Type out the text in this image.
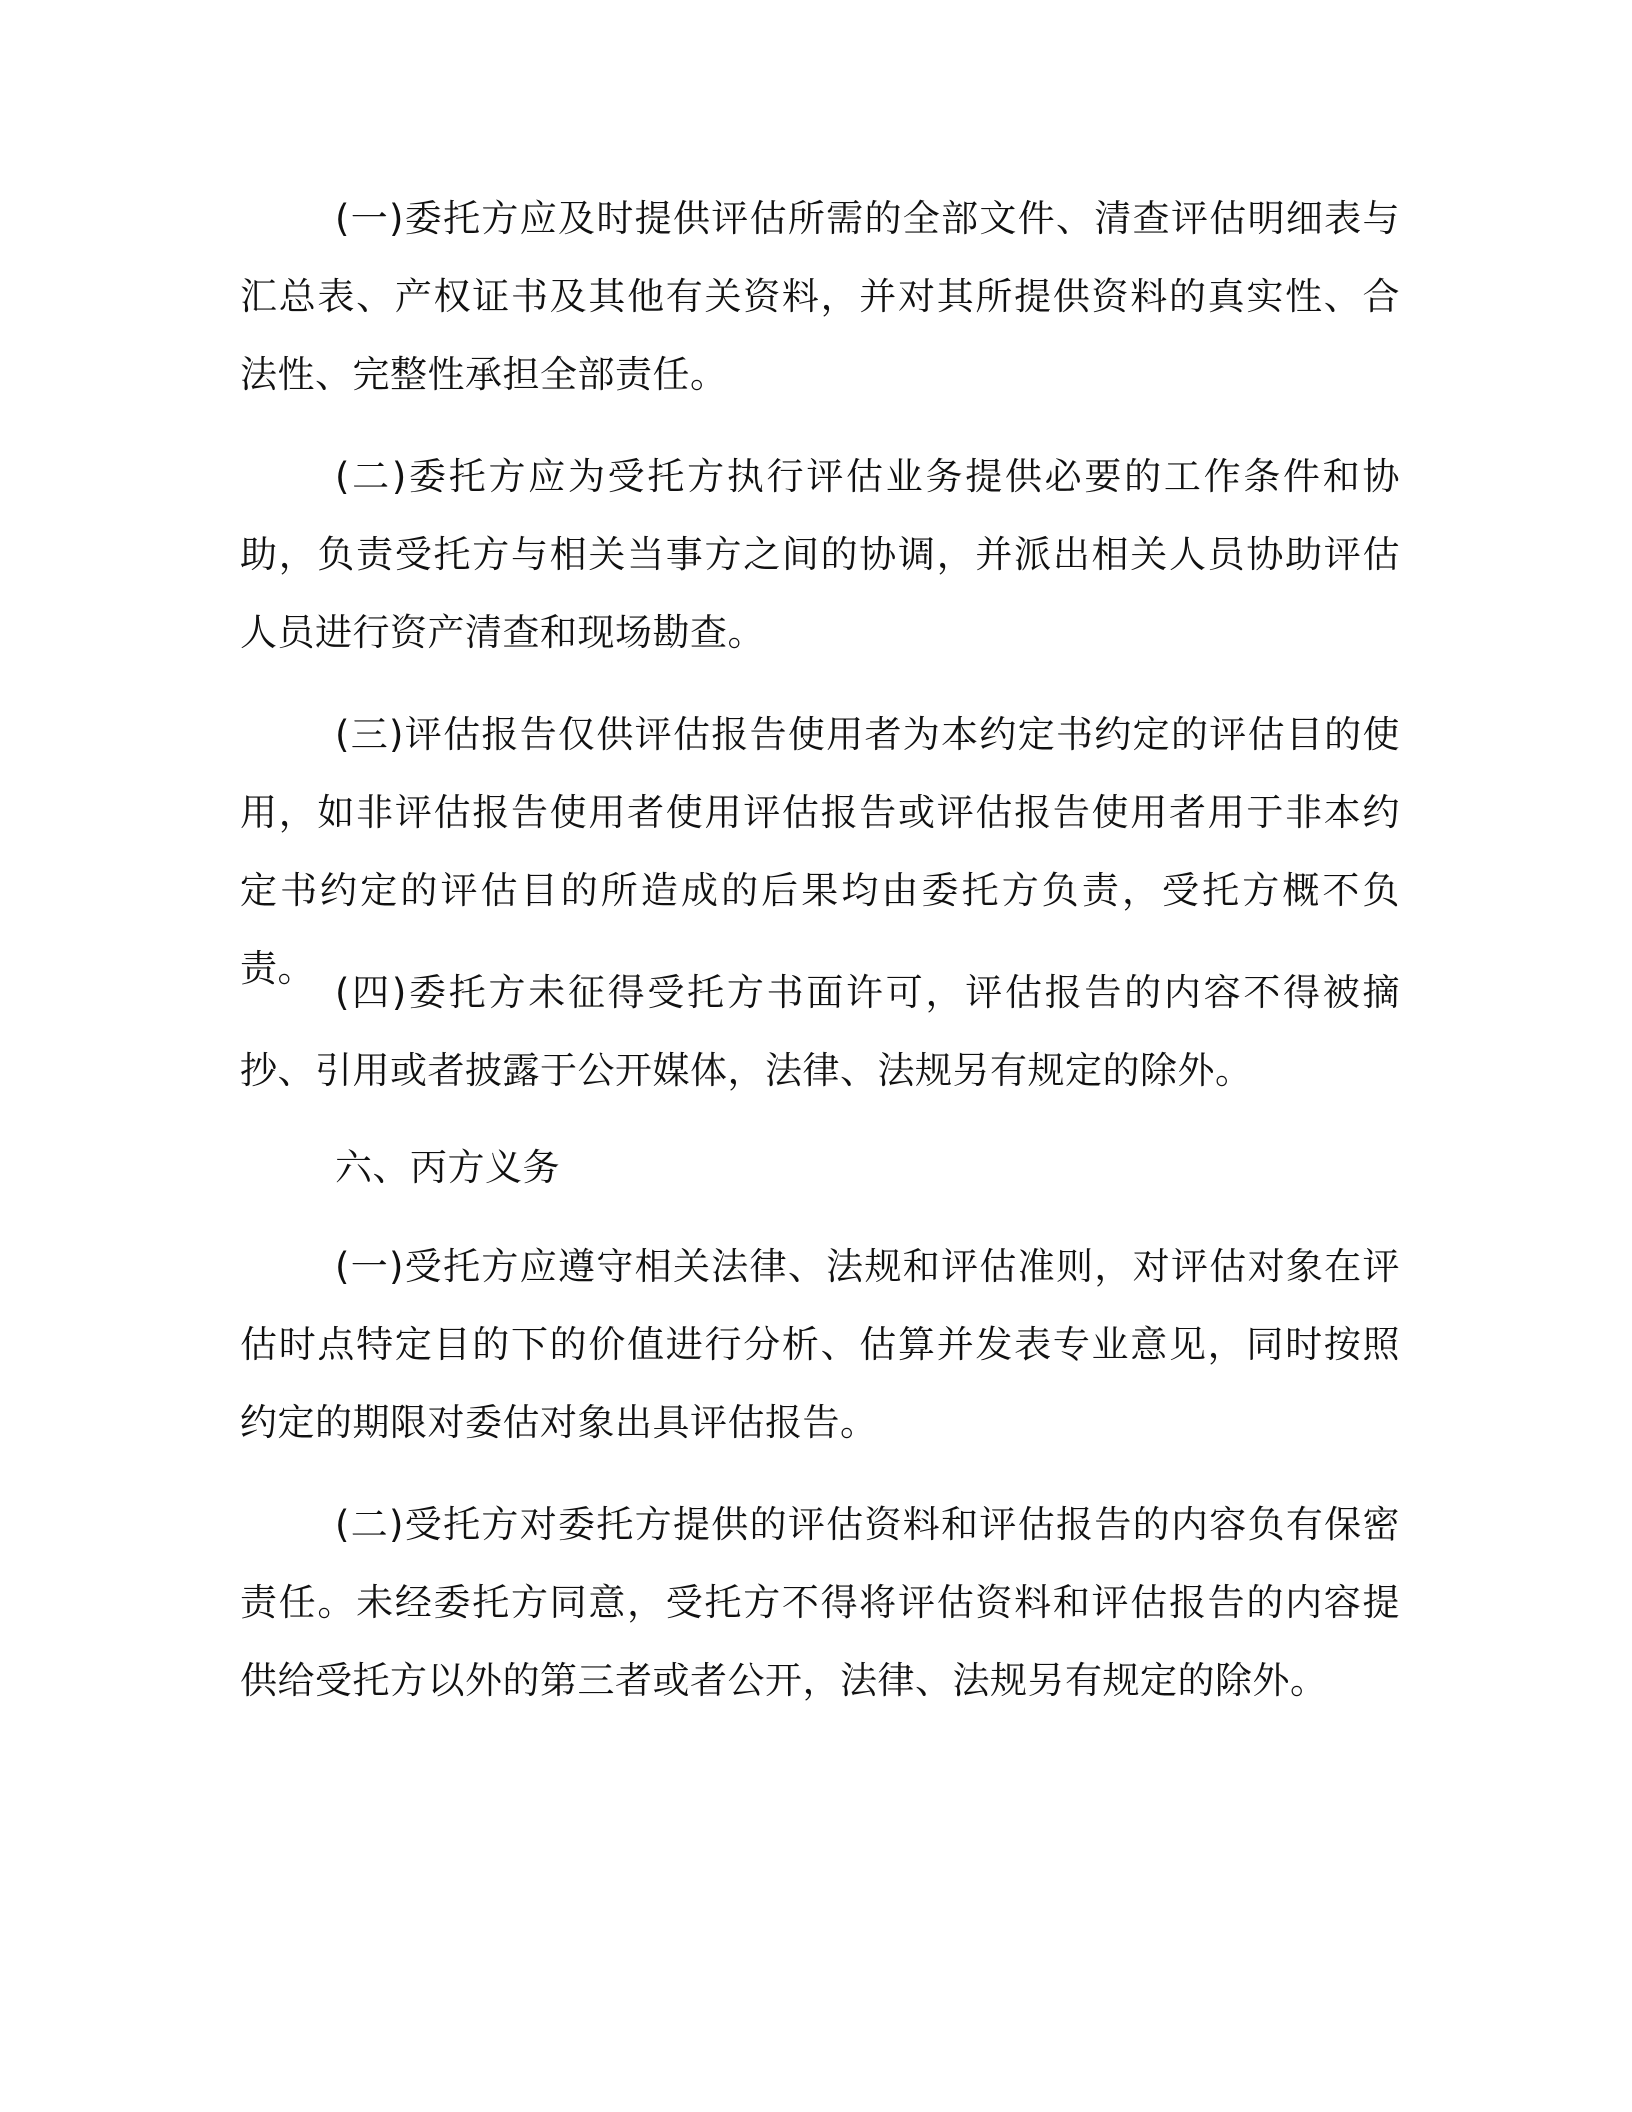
(一)委托方应及时提供评估所需的全部文件、清查评估明细表与汇总表、产权证书及其他有关资料，并对其所提供资料的真实性、合法性、完整性承担全部责任。

(二)委托方应为受托方执行评估业务提供必要的工作条件和协助，负责受托方与相关当事方之间的协调，并派出相关人员协助评估人员进行资产清查和现场勘查。

(三)评估报告仅供评估报告使用者为本约定书约定的评估目的使用，如非评估报告使用者使用评估报告或评估报告使用者用于非本约定书约定的评估目的所造成的后果均由委托方负责，受托方概不负责。

(四)委托方未征得受托方书面许可，评估报告的内容不得被摘抄、引用或者披露于公开媒体，法律、法规另有规定的除外。

六、丙方义务

(一)受托方应遵守相关法律、法规和评估准则，对评估对象在评估时点特定目的下的价值进行分析、估算并发表专业意见，同时按照约定的期限对委估对象出具评估报告。

(二)受托方对委托方提供的评估资料和评估报告的内容负有保密责任。未经委托方同意，受托方不得将评估资料和评估报告的内容提供给受托方以外的第三者或者公开，法律、法规另有规定的除外。
